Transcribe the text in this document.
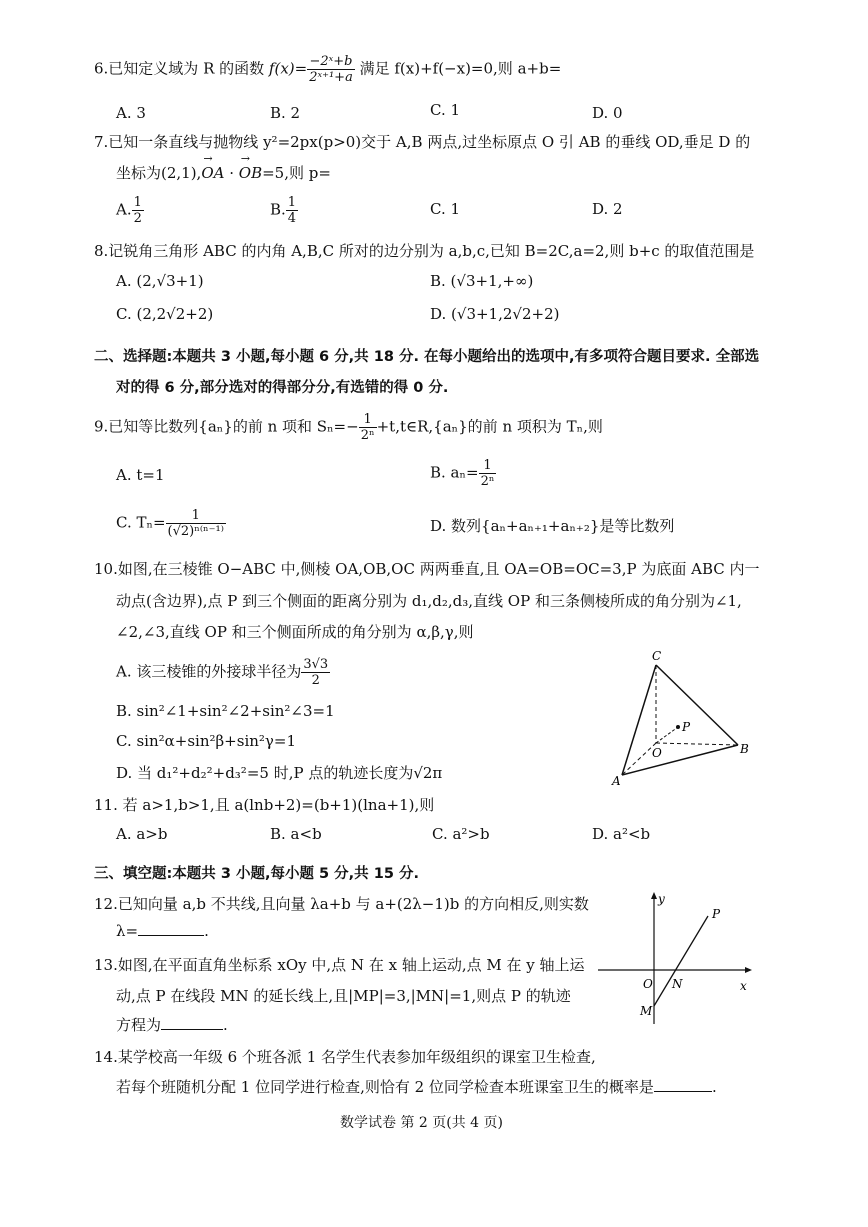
6.已知定义域为 R 的函数 $f(x)= \frac{\text{−2ˣ+b}}{\text{2ˣ⁺¹+a}}$ 满足 f(x)+f(−x)=0,则 a+b=
A. 3	B. 2	C. 1	D. 0
7.已知一条直线与抛物线 y²=2px(p>0)交于 A,B 两点,过坐标原点 O 引 AB 的垂线 OD,垂足 D 的
坐标为(2,1),→ OA · → OB=5,则 p=
A. $\frac{1}{2}$	B. $\frac{1}{4}$	C. 1	D. 2
8.记锐角三角形 ABC 的内角 A,B,C 所对的边分别为 a,b,c,已知 B=2C,a=2,则 b+c 的取值范围是
A. (2,√3+1)	B. (√3+1,+∞)
C. (2,2√2+2)	D. (√3+1,2√2+2)
二、选择题:本题共 3 小题,每小题 6 分,共 18 分. 在每小题给出的选项中,有多项符合题目要求. 全部选
对的得 6 分,部分选对的得部分分,有选错的得 0 分.
9.已知等比数列{aₙ}的前 n 项和 $S_n=- \frac{1}{\text{2ⁿ}}$ +t,t∈R,{aₙ}的前 n 项积为 Tₙ,则
A. t=1	B. $a_n= \frac{1}{\text{2ⁿ}}$
C. $T_n= \frac{1}{\text{(√2)ⁿ⁽ⁿ⁻¹⁾}}$	D. 数列{aₙ+aₙ₊₁+aₙ₊₂}是等比数列
10.如图,在三棱锥 O−ABC 中,侧棱 OA,OB,OC 两两垂直,且 OA=OB=OC=3,P 为底面 ABC 内一
动点(含边界),点 P 到三个侧面的距离分别为 d₁,d₂,d₃,直线 OP 和三条侧棱所成的角分别为∠1,
∠2,∠3,直线 OP 和三个侧面所成的角分别为 α,β,γ,则
A. 该三棱锥的外接球半径为 $\frac{3√3}{2}$
B. sin²∠1+sin²∠2+sin²∠3=1
C. sin²α+sin²β+sin²γ=1
D. 当 d₁²+d₂²+d₃²=5 时,P 点的轨迹长度为√2π
C
P
O	B
A
11. 若 a>1,b>1,且 a(lnb+2)=(b+1)(lna+1),则
A. a>b	B. a<b	C. a²>b	D. a²<b
三、填空题:本题共 3 小题,每小题 5 分,共 15 分.
12.已知向量 a,b 不共线,且向量 λa+b 与 a+(2λ−1)b 的方向相反,则实数
λ=	.
13.如图,在平面直角坐标系 xOy 中,点 N 在 x 轴上运动,点 M 在 y 轴上运
动,点 P 在线段 MN 的延长线上,且|MP|=3,|MN|=1,则点 P 的轨迹
方程为	.
y
P
O N	x
M
14.某学校高一年级 6 个班各派 1 名学生代表参加年级组织的课室卫生检查,
若每个班随机分配 1 位同学进行检查,则恰有 2 位同学检查本班课室卫生的概率是	.
数学试卷 第 2 页(共 4 页)
